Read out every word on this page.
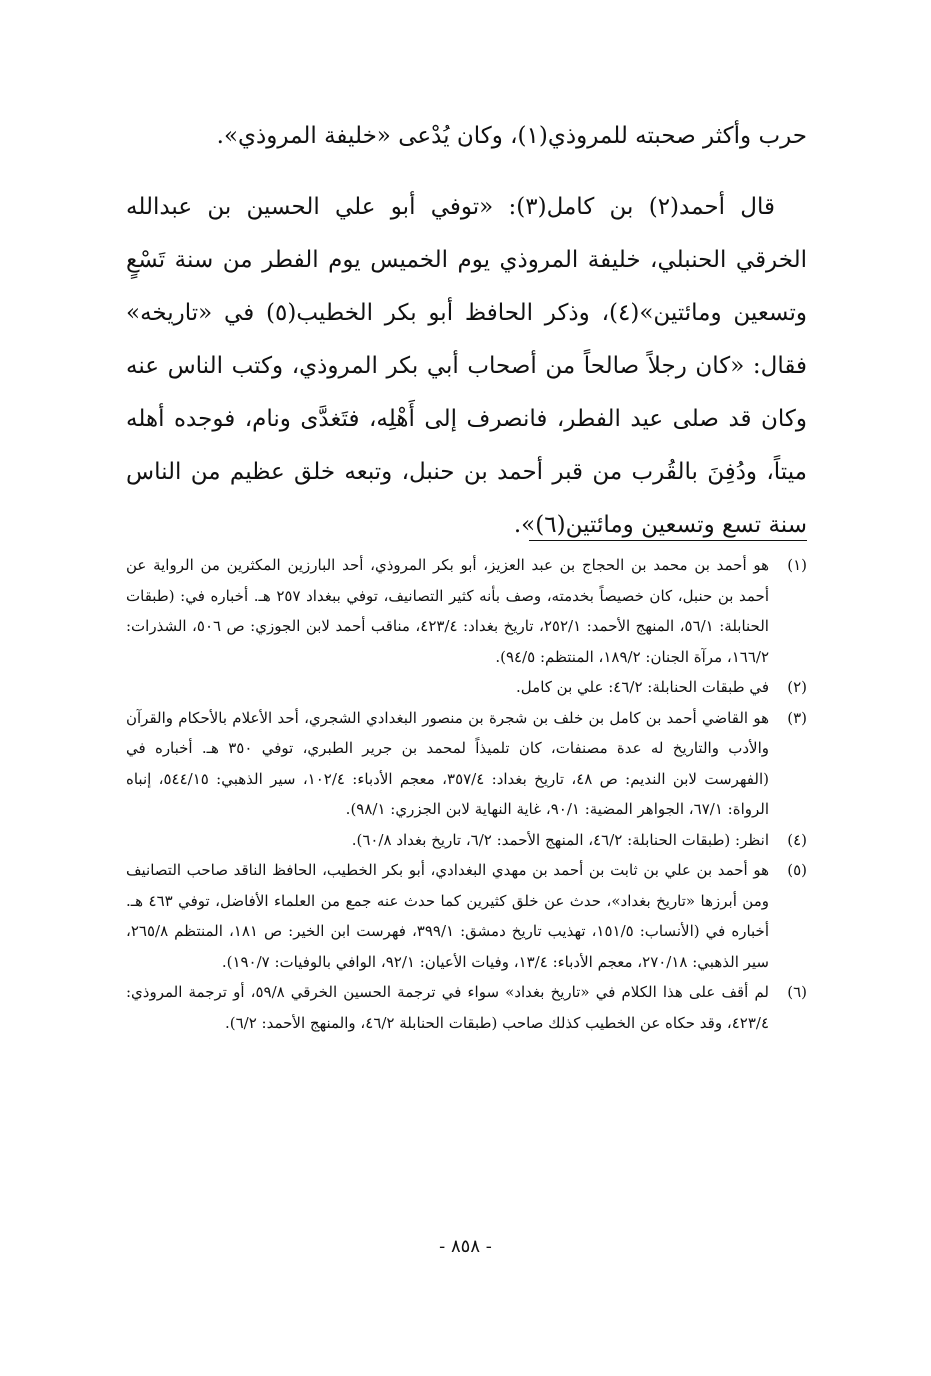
حرب وأكثر صحبته للمروذي(١)، وكان يُدْعى «خليفة المروذي».

قال أحمد(٢) بن كامل(٣): «توفي أبو علي الحسين بن عبدالله الخرقي الحنبلي، خليفة المروذي يوم الخميس يوم الفطر من سنة تَسْعٍ وتسعين ومائتين»(٤)، وذكر الحافظ أبو بكر الخطيب(٥) في «تاريخه» فقال: «كان رجلاً صالحاً من أصحاب أبي بكر المروذي، وكتب الناس عنه وكان قد صلى عيد الفطر، فانصرف إلى أَهْلِه، فتَغدَّى ونام، فوجده أهله ميتاً، ودُفِنَ بالقُرب من قبر أحمد بن حنبل، وتبعه خلق عظيم من الناس سنة تسع وتسعين ومائتين(٦)».

(١)
هو أحمد بن محمد بن الحجاج بن عبد العزيز، أبو بكر المروذي، أحد البارزين المكثرين من الرواية عن أحمد بن حنبل، كان خصيصاً بخدمته، وصف بأنه كثير التصانيف، توفي ببغداد ٢٥٧ هـ. أخباره في: (طبقات الحنابلة: ٥٦/١، المنهج الأحمد: ٢٥٢/١، تاريخ بغداد: ٤٢٣/٤، مناقب أحمد لابن الجوزي: ص ٥٠٦، الشذرات: ١٦٦/٢، مرآة الجنان: ١٨٩/٢، المنتظم: ٩٤/٥).
(٢)
في طبقات الحنابلة: ٤٦/٢: علي بن كامل.
(٣)
هو القاضي أحمد بن كامل بن خلف بن شجرة بن منصور البغدادي الشجري، أحد الأعلام بالأحكام والقرآن والأدب والتاريخ له عدة مصنفات، كان تلميذاً لمحمد بن جرير الطبري، توفي ٣٥٠ هـ. أخباره في (الفهرست لابن النديم: ص ٤٨، تاريخ بغداد: ٣٥٧/٤، معجم الأدباء: ١٠٢/٤، سير الذهبي: ٥٤٤/١٥، إنباه الرواة: ٦٧/١، الجواهر المضية: ٩٠/١، غاية النهاية لابن الجزري: ٩٨/١).
(٤)
انظر: (طبقات الحنابلة: ٤٦/٢، المنهج الأحمد: ٦/٢، تاريخ بغداد ٦٠/٨).
(٥)
هو أحمد بن علي بن ثابت بن أحمد بن مهدي البغدادي، أبو بكر الخطيب، الحافظ الناقد صاحب التصانيف ومن أبرزها «تاريخ بغداد»، حدث عن خلق كثيرين كما حدث عنه جمع من العلماء الأفاضل، توفي ٤٦٣ هـ. أخباره في (الأنساب: ١٥١/٥، تهذيب تاريخ دمشق: ٣٩٩/١، فهرست ابن الخير: ص ١٨١، المنتظم ٢٦٥/٨، سير الذهبي: ٢٧٠/١٨، معجم الأدباء: ١٣/٤، وفيات الأعيان: ٩٢/١، الوافي بالوفيات: ١٩٠/٧).
(٦)
لم أقف على هذا الكلام في «تاريخ بغداد» سواء في ترجمة الحسين الخرقي ٥٩/٨، أو ترجمة المروذي: ٤٢٣/٤، وقد حكاه عن الخطيب كذلك صاحب (طبقات الحنابلة ٤٦/٢، والمنهج الأحمد: ٦/٢).
- ٨٥٨ -
